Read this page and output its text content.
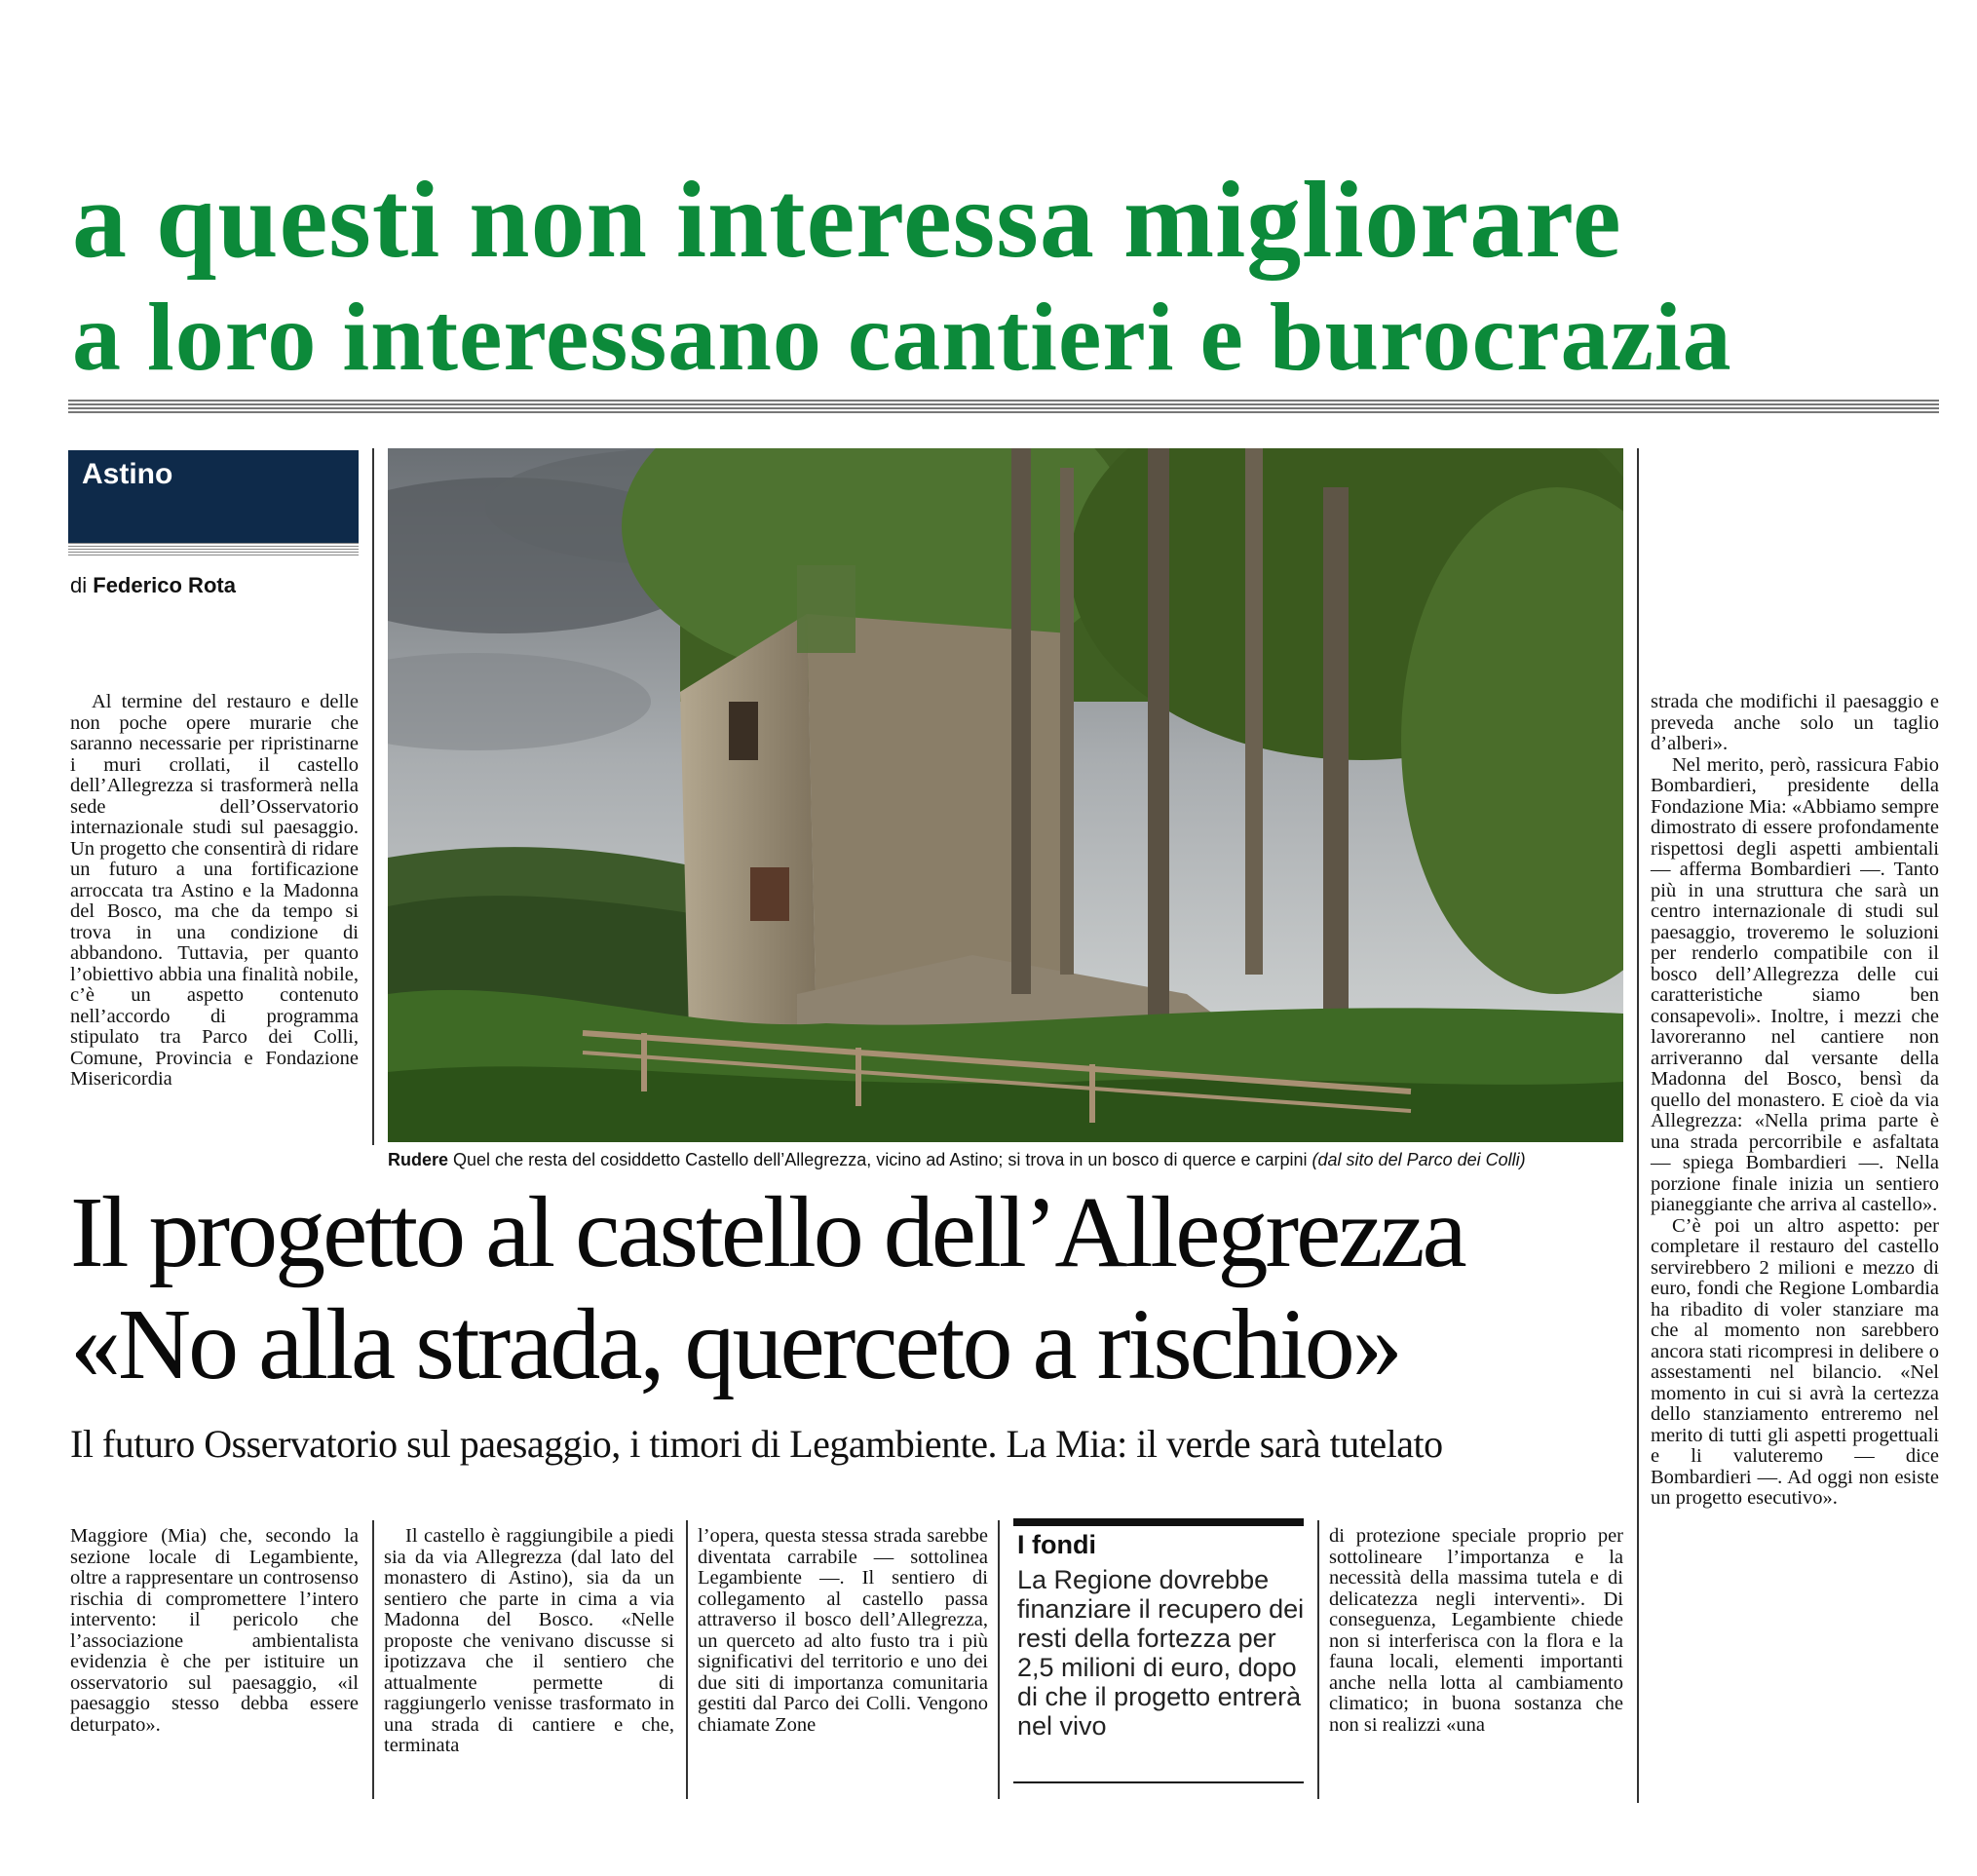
a questi non interessa migliorare
a loro interessano cantieri e burocrazia
Astino
di Federico Rota

Al termine del restauro e delle non poche opere murarie che saranno necessarie per ripristinarne i muri crollati, il castello dell’Allegrezza si trasformerà nella sede dell’Osservatorio internazionale studi sul paesaggio. Un progetto che consentirà di ridare un futuro a una fortificazione arroccata tra Astino e la Madonna del Bosco, ma che da tempo si trova in una condizione di abbandono. Tuttavia, per quanto l’obiettivo abbia una finalità nobile, c’è un aspetto contenuto nell’accordo di programma stipulato tra Parco dei Colli, Comune, Provincia e Fondazione Misericordia

Rudere Quel che resta del cosiddetto Castello dell’Allegrezza, vicino ad Astino; si trova in un bosco di querce e carpini (dal sito del Parco dei Colli)
Il progetto al castello dell’Allegrezza
«No alla strada, querceto a rischio»
Il futuro Osservatorio sul paesaggio, i timori di Legambiente. La Mia: il verde sarà tutelato

Maggiore (Mia) che, secondo la sezione locale di Legambiente, oltre a rappresentare un controsenso rischia di compromettere l’intero intervento: il pericolo che l’associazione ambientalista evidenzia è che per istituire un osservatorio sul paesaggio, «il paesaggio stesso debba essere deturpato».

Il castello è raggiungibile a piedi sia da via Allegrezza (dal lato del monastero di Astino), sia da un sentiero che parte in cima a via Madonna del Bosco. «Nelle proposte che venivano discusse si ipotizzava che il sentiero che attualmente permette di raggiungerlo venisse trasformato in una strada di cantiere e che, terminata

l’opera, questa stessa strada sarebbe diventata carrabile — sottolinea Legambiente —. Il sentiero di collegamento al castello passa attraverso il bosco dell’Allegrezza, un querceto ad alto fusto tra i più significativi del territorio e uno dei due siti di importanza comunitaria gestiti dal Parco dei Colli. Vengono chiamate Zone

I fondi
La Regione dovrebbe finanziare il recupero dei resti della fortezza per 2,5 milioni di euro, dopo di che il progetto entrerà nel vivo

di protezione speciale proprio per sottolineare l’importanza e la necessità della massima tutela e di delicatezza negli interventi». Di conseguenza, Legambiente chiede non si interferisca con la flora e la fauna locali, elementi importanti anche nella lotta al cambiamento climatico; in buona sostanza che non si realizzi «una

strada che modifichi il paesaggio e preveda anche solo un taglio d’alberi».

Nel merito, però, rassicura Fabio Bombardieri, presidente della Fondazione Mia: «Abbiamo sempre dimostrato di essere profondamente rispettosi degli aspetti ambientali — afferma Bombardieri —. Tanto più in una struttura che sarà un centro internazionale di studi sul paesaggio, troveremo le soluzioni per renderlo compatibile con il bosco dell’Allegrezza delle cui caratteristiche siamo ben consapevoli». Inoltre, i mezzi che lavoreranno nel cantiere non arriveranno dal versante della Madonna del Bosco, bensì da quello del monastero. E cioè da via Allegrezza: «Nella prima parte è una strada percorribile e asfaltata — spiega Bombardieri —. Nella porzione finale inizia un sentiero pianeggiante che arriva al castello».

C’è poi un altro aspetto: per completare il restauro del castello servirebbero 2 milioni e mezzo di euro, fondi che Regione Lombardia ha ribadito di voler stanziare ma che al momento non sarebbero ancora stati ricompresi in delibere o assestamenti nel bilancio. «Nel momento in cui si avrà la certezza dello stanziamento entreremo nel merito di tutti gli aspetti progettuali e li valuteremo — dice Bombardieri —. Ad oggi non esiste un progetto esecutivo».
